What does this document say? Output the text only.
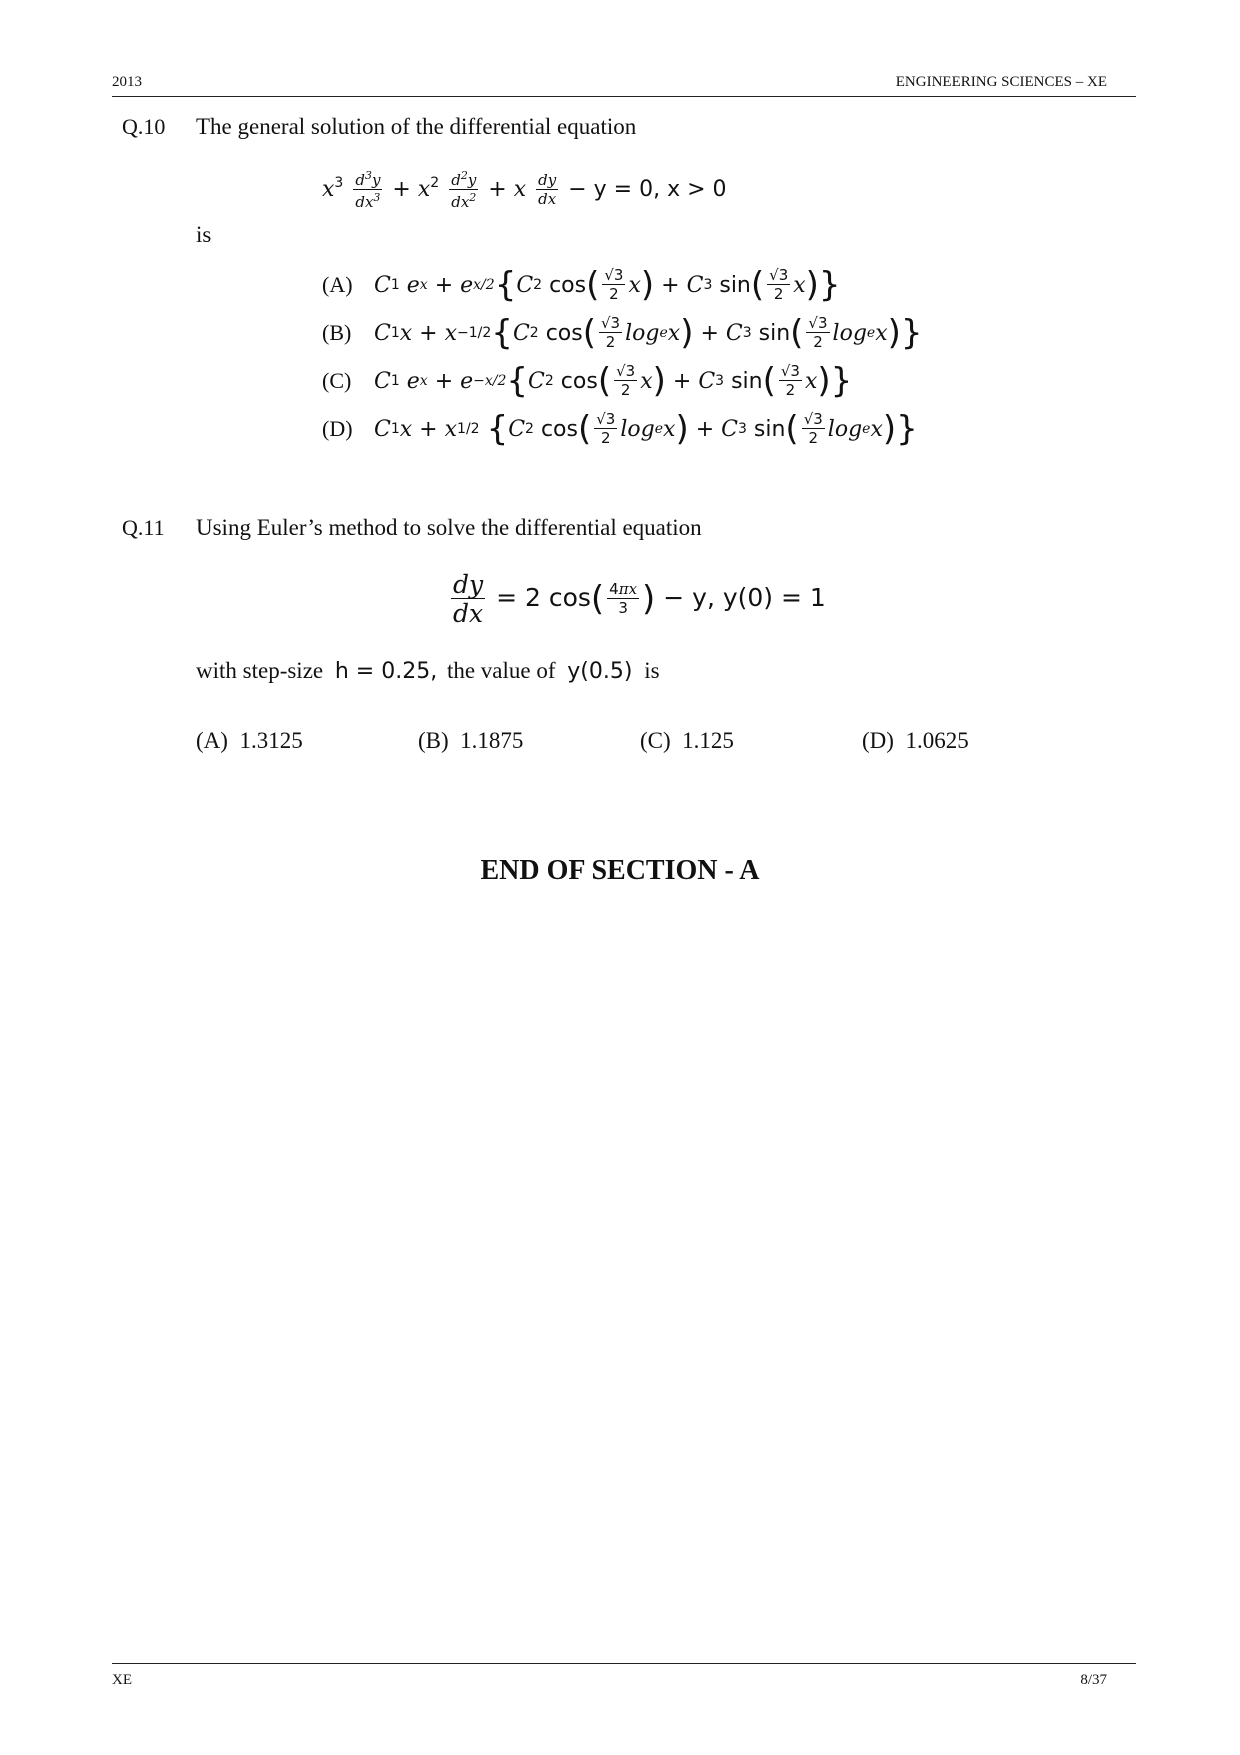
2013	ENGINEERING SCIENCES – XE
Q.10 The general solution of the differential equation
$x^3 \frac{d^3y}{dx^3} + x^2 \frac{d^2y}{dx^2} + x \frac{dy}{dx} - y = 0$, x > 0
is
(A) C 1
e x + e x/2 { C 2 cos ( $\frac{√3}{2}$ x ) + C 3 sin ( $\frac{√3}{2}$ x )}
(B)	C 1 x + x −1/2 { C 2 cos ( $\frac{√3}{2}$ log e x ) + C 3 sin ( $\frac{√3}{2}$ log e x )}
(C)	C 1
e x + e −x/2 { C 2 cos ( $\frac{√3}{2}$ x ) + C 3 sin ( $\frac{√3}{2}$ x )}
(D) C 1 x + x 1/2
{ C 2 cos ( $\frac{√3}{2}$ log e x ) + C 3 sin ( $\frac{√3}{2}$ log e x )}
Q.11 Using Euler’s method to solve the differential equation
$\frac{dy}{dx} = 2$ $\cos( \frac{4\pi x}{3}$ ) − y, y(0) = 1
with step-size h = 0.25, the value of y(0.5) is
(A) 1.3125	(B) 1.1875	(C) 1.125	(D) 1.0625
END OF SECTION - A
XE	8/37
